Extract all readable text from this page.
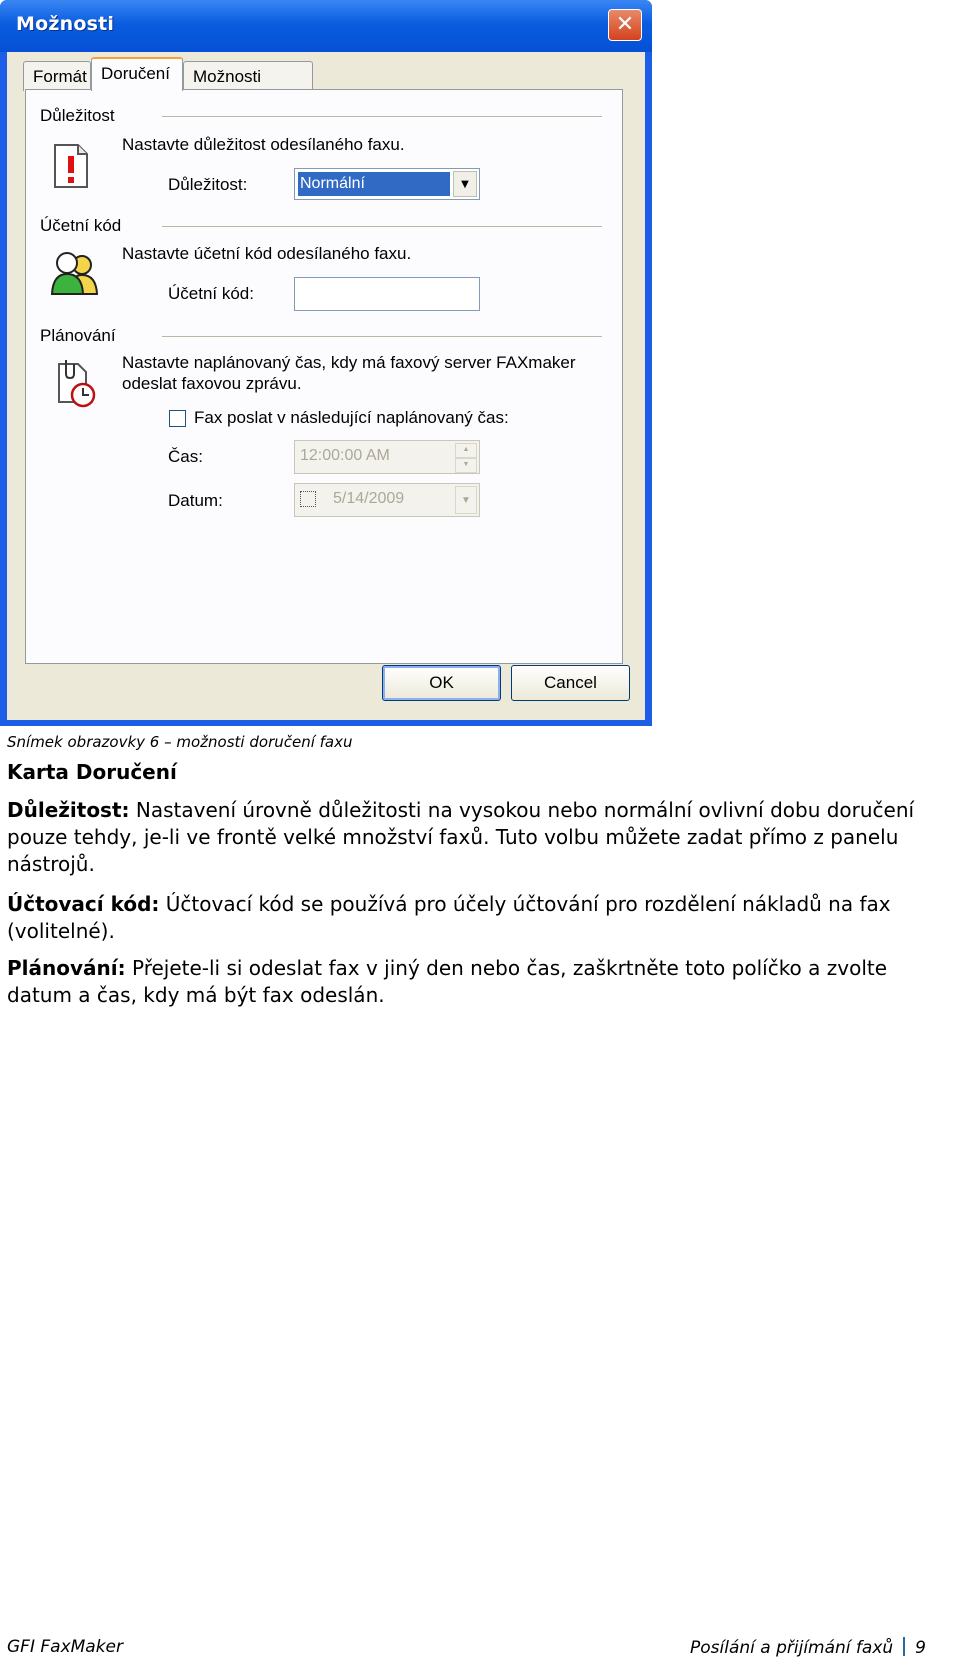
Možnosti	✕
Formát Doručení	Možnosti
Důležitost
Nastavte důležitost odesílaného faxu.
Důležitost:	Normální	▼
Účetní kód
Nastavte účetní kód odesílaného faxu.
Účetní kód:
Plánování
Nastavte naplánovaný čas, kdy má faxový server FAXmaker
odeslat faxovou zprávu.
Fax poslat v následující naplánovaný čas:
Čas:	12:00:00 AM	▲
▼
Datum:	5/14/2009	▼
OK	Cancel
Snímek obrazovky 6 – možnosti doručení faxu
Karta Doručení
Důležitost: Nastavení úrovně důležitosti na vysokou nebo normální ovlivní dobu doručení pouze tehdy, je-li ve frontě velké množství faxů. Tuto volbu můžete zadat přímo z panelu nástrojů.
Účtovací kód: Účtovací kód se používá pro účely účtování pro rozdělení nákladů na fax (volitelné).
Plánování: Přejete-li si odeslat fax v jiný den nebo čas, zaškrtněte toto políčko a zvolte datum a čas, kdy má být fax odeslán.
GFI FaxMaker	Posílání a přijímání faxů 9
